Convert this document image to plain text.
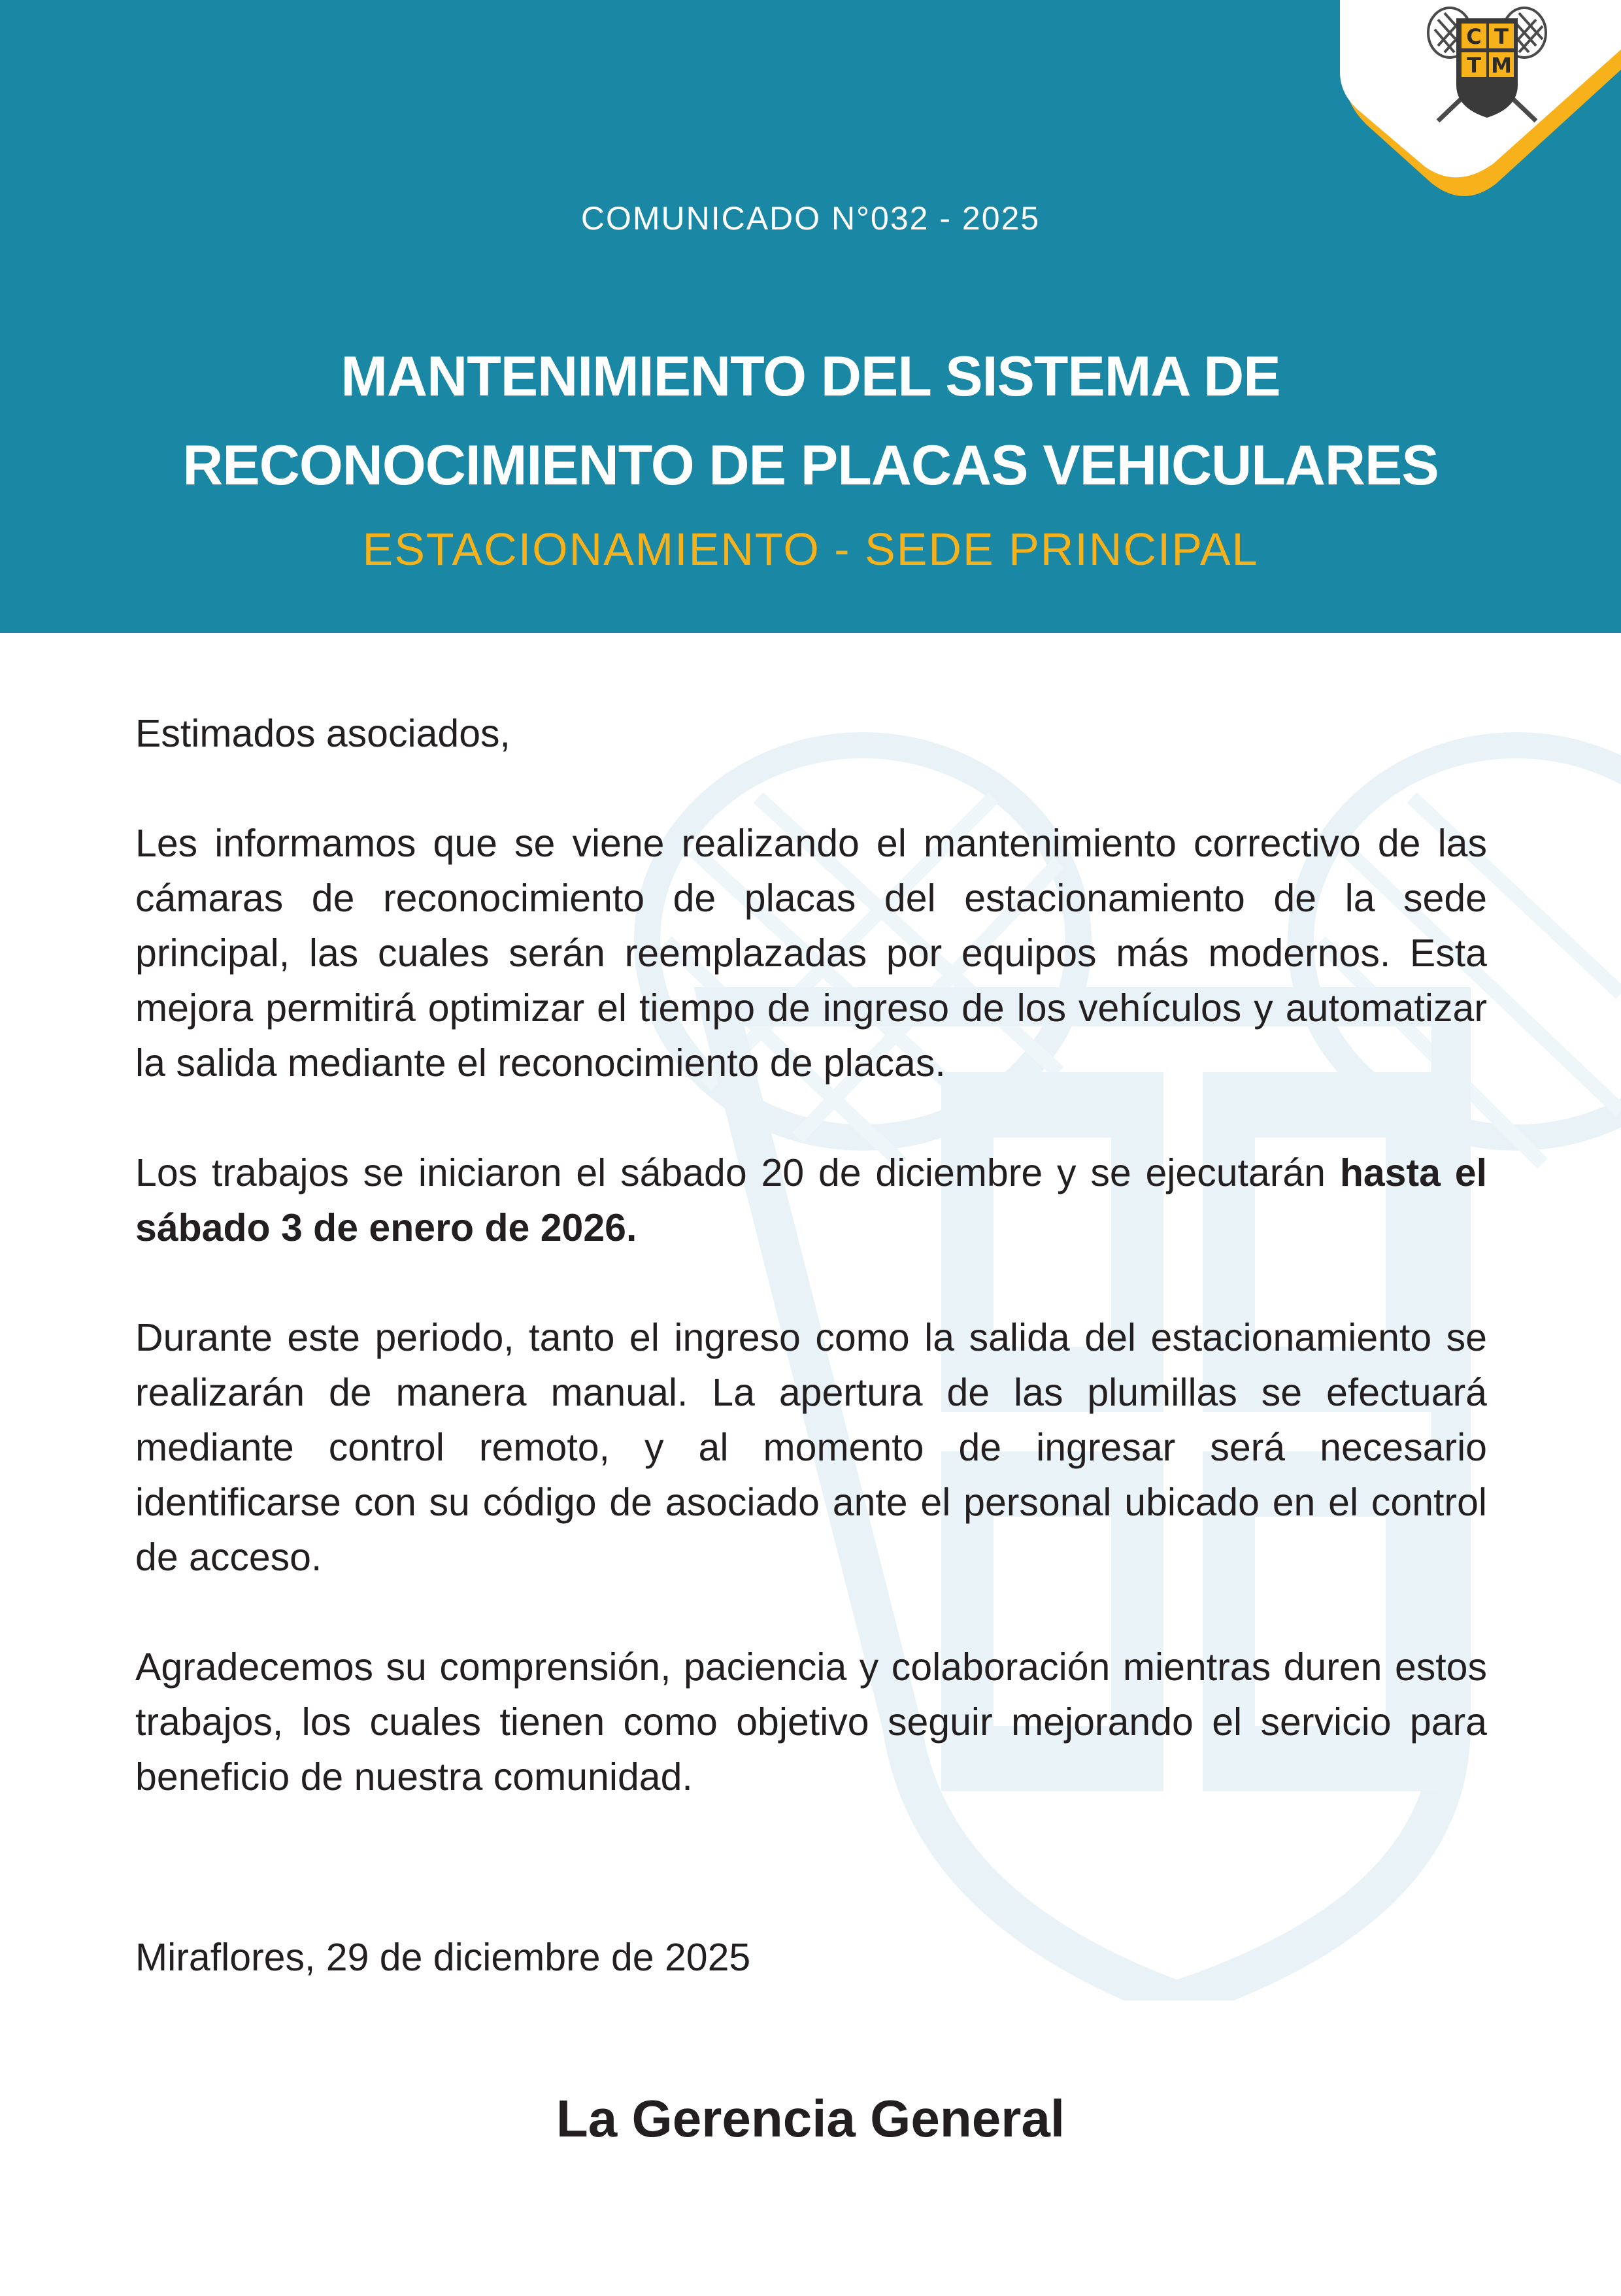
C T
T M
COMUNICADO N°032 - 2025
MANTENIMIENTO DEL SISTEMA DE
RECONOCIMIENTO DE PLACAS VEHICULARES
ESTACIONAMIENTO - SEDE PRINCIPAL

Estimados asociados,

Les informamos que se viene realizando el mantenimiento correctivo de las cámaras de reconocimiento de placas del estacionamiento de la sede principal, las cuales serán reemplazadas por equipos más modernos. Esta mejora permitirá optimizar el tiempo de ingreso de los vehículos y automatizar la salida mediante el reconocimiento de placas.

Los trabajos se iniciaron el sábado 20 de diciembre y se ejecutarán hasta el sábado 3 de enero de 2026.

Durante este periodo, tanto el ingreso como la salida del estacionamiento se realizarán de manera manual. La apertura de las plumillas se efectuará mediante control remoto, y al momento de ingresar será necesario identificarse con su código de asociado ante el personal ubicado en el control de acceso.

Agradecemos su comprensión, paciencia y colaboración mientras duren estos trabajos, los cuales tienen como objetivo seguir mejorando el servicio para beneficio de nuestra comunidad.

Miraflores, 29 de diciembre de 2025
La Gerencia General
